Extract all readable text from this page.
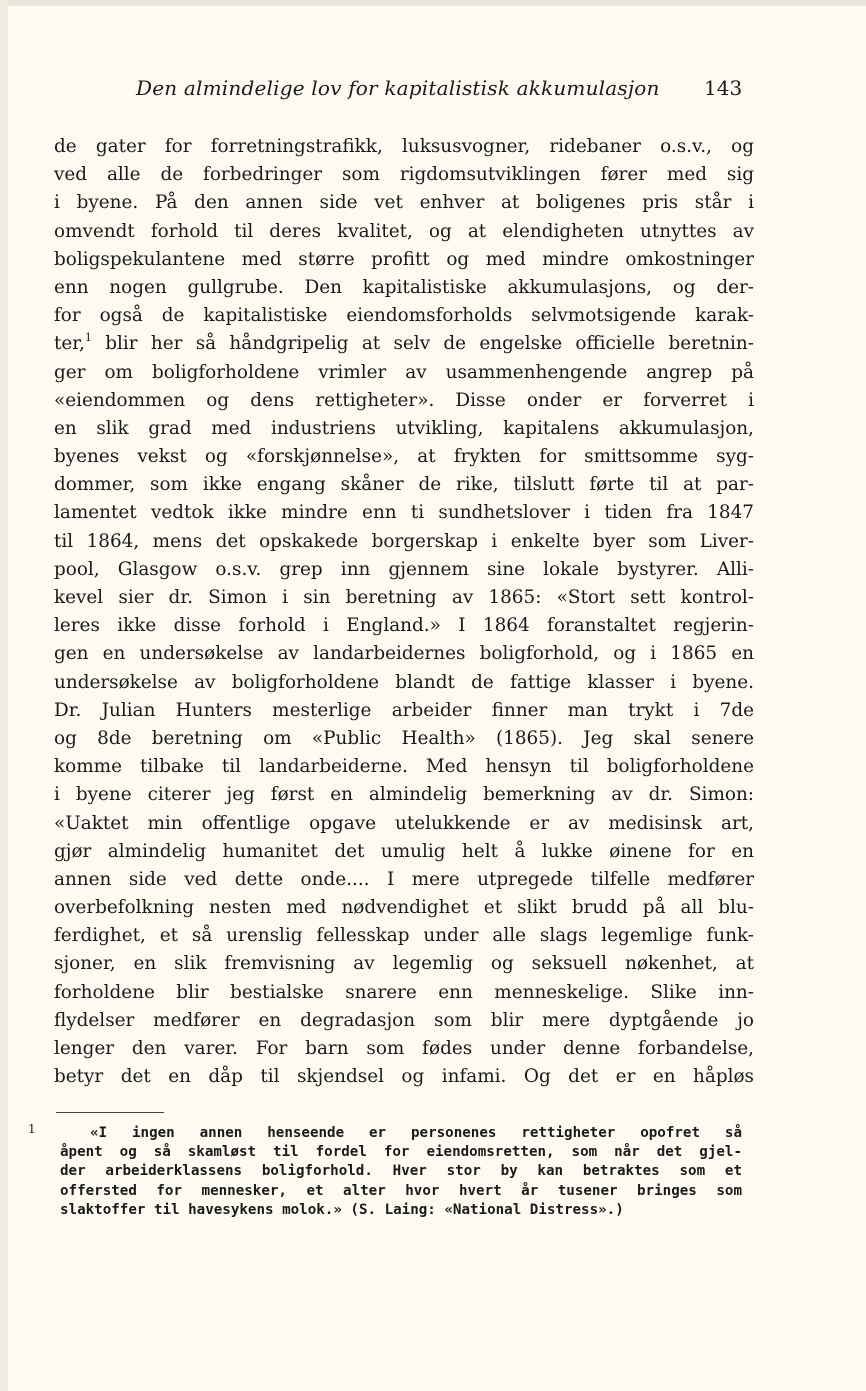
Den almindelige lov for kapitalistisk akkumulasjon	143
de gater for forretningstrafikk, luksusvogner, ridebaner o.s.v., og
ved alle de forbedringer som rigdomsutviklingen fører med sig
i byene. På den annen side vet enhver at boligenes pris står i
omvendt forhold til deres kvalitet, og at elendigheten utnyttes av
boligspekulantene med større profitt og med mindre omkostninger
enn nogen gullgrube. Den kapitalistiske akkumulasjons, og der-
for også de kapitalistiske eiendomsforholds selvmotsigende karak-
ter,$^1$ blir her så håndgripelig at selv de engelske officielle beretnin-
ger om boligforholdene vrimler av usammenhengende angrep på
«eiendommen og dens rettigheter». Disse onder er forverret i
en slik grad med industriens utvikling, kapitalens akkumulasjon,
byenes vekst og «forskjønnelse», at frykten for smittsomme syg-
dommer, som ikke engang skåner de rike, tilslutt førte til at par-
lamentet vedtok ikke mindre enn ti sundhetslover i tiden fra 1847
til 1864, mens det opskakede borgerskap i enkelte byer som Liver-
pool, Glasgow o.s.v. grep inn gjennem sine lokale bystyrer. Alli-
kevel sier dr. Simon i sin beretning av 1865: «Stort sett kontrol-
leres ikke disse forhold i England.» I 1864 foranstaltet regjerin-
gen en undersøkelse av landarbeidernes boligforhold, og i 1865 en
undersøkelse av boligforholdene blandt de fattige klasser i byene.
Dr. Julian Hunters mesterlige arbeider finner man trykt i 7de
og 8de beretning om «Public Health» (1865). Jeg skal senere
komme tilbake til landarbeiderne. Med hensyn til boligforholdene
i byene citerer jeg først en almindelig bemerkning av dr. Simon:
«Uaktet min offentlige opgave utelukkende er av medisinsk art,
gjør almindelig humanitet det umulig helt å lukke øinene for en
annen side ved dette onde.... I mere utpregede tilfelle medfører
overbefolkning nesten med nødvendighet et slikt brudd på all blu-
ferdighet, et så urenslig fellesskap under alle slags legemlige funk-
sjoner, en slik fremvisning av legemlig og seksuell nøkenhet, at
forholdene blir bestialske snarere enn menneskelige. Slike inn-
flydelser medfører en degradasjon som blir mere dyptgående jo
lenger den varer. For barn som fødes under denne forbandelse,
betyr det en dåp til skjendsel og infami. Og det er en håpløs
1	«I ingen annen henseende er personenes rettigheter opofret så
åpent og så skamløst til fordel for eiendomsretten, som når det gjel-
der arbeiderklassens boligforhold. Hver stor by kan betraktes som et
offersted for mennesker, et alter hvor hvert år tusener bringes som
slaktoffer til havesykens molok.» (S. Laing: «National Distress».)
